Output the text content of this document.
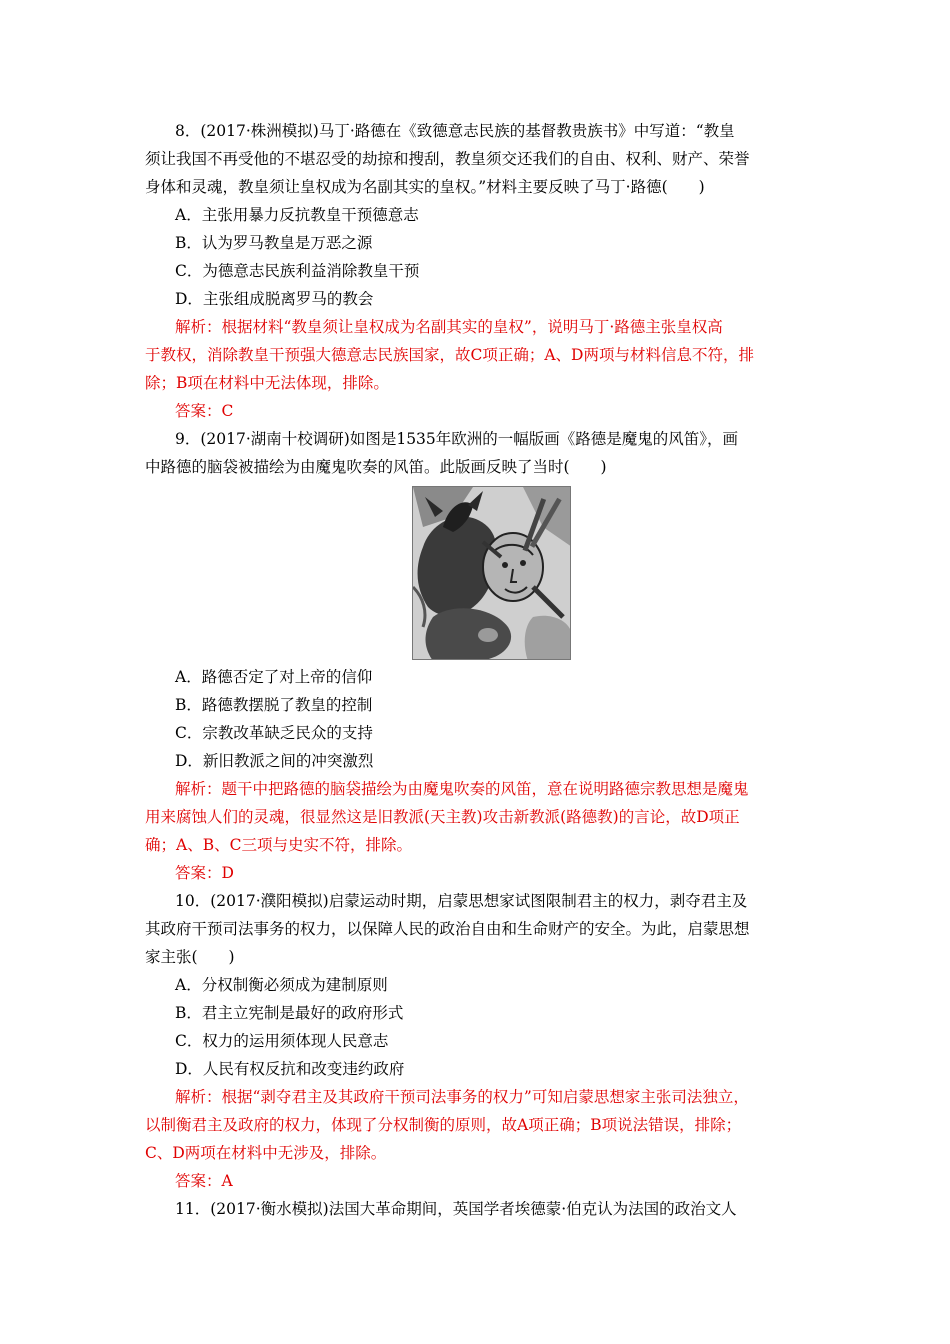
8．(2017·株洲模拟)马丁·路德在《致德意志民族的基督教贵族书》中写道：“教皇
须让我国不再受他的不堪忍受的劫掠和搜刮，教皇须交还我们的自由、权利、财产、荣誉
身体和灵魂，教皇须让皇权成为名副其实的皇权。”材料主要反映了马丁·路德(　　)
A．主张用暴力反抗教皇干预德意志
B．认为罗马教皇是万恶之源
C．为德意志民族利益消除教皇干预
D．主张组成脱离罗马的教会
解析：根据材料“教皇须让皇权成为名副其实的皇权”，说明马丁·路德主张皇权高
于教权，消除教皇干预强大德意志民族国家，故C项正确；A、D两项与材料信息不符，排
除；B项在材料中无法体现，排除。
答案：C
9．(2017·湖南十校调研)如图是1535年欧洲的一幅版画《路德是魔鬼的风笛》，画
中路德的脑袋被描绘为由魔鬼吹奏的风笛。此版画反映了当时(　　)
A．路德否定了对上帝的信仰
B．路德教摆脱了教皇的控制
C．宗教改革缺乏民众的支持
D．新旧教派之间的冲突激烈
解析：题干中把路德的脑袋描绘为由魔鬼吹奏的风笛，意在说明路德宗教思想是魔鬼
用来腐蚀人们的灵魂，很显然这是旧教派(天主教)攻击新教派(路德教)的言论，故D项正
确；A、B、C三项与史实不符，排除。
答案：D
10．(2017·濮阳模拟)启蒙运动时期，启蒙思想家试图限制君主的权力，剥夺君主及
其政府干预司法事务的权力，以保障人民的政治自由和生命财产的安全。为此，启蒙思想
家主张(　　)
A．分权制衡必须成为建制原则
B．君主立宪制是最好的政府形式
C．权力的运用须体现人民意志
D．人民有权反抗和改变违约政府
解析：根据“剥夺君主及其政府干预司法事务的权力”可知启蒙思想家主张司法独立，
以制衡君主及政府的权力，体现了分权制衡的原则，故A项正确；B项说法错误，排除；
C、D两项在材料中无涉及，排除。
答案：A
11．(2017·衡水模拟)法国大革命期间，英国学者埃德蒙·伯克认为法国的政治文人
